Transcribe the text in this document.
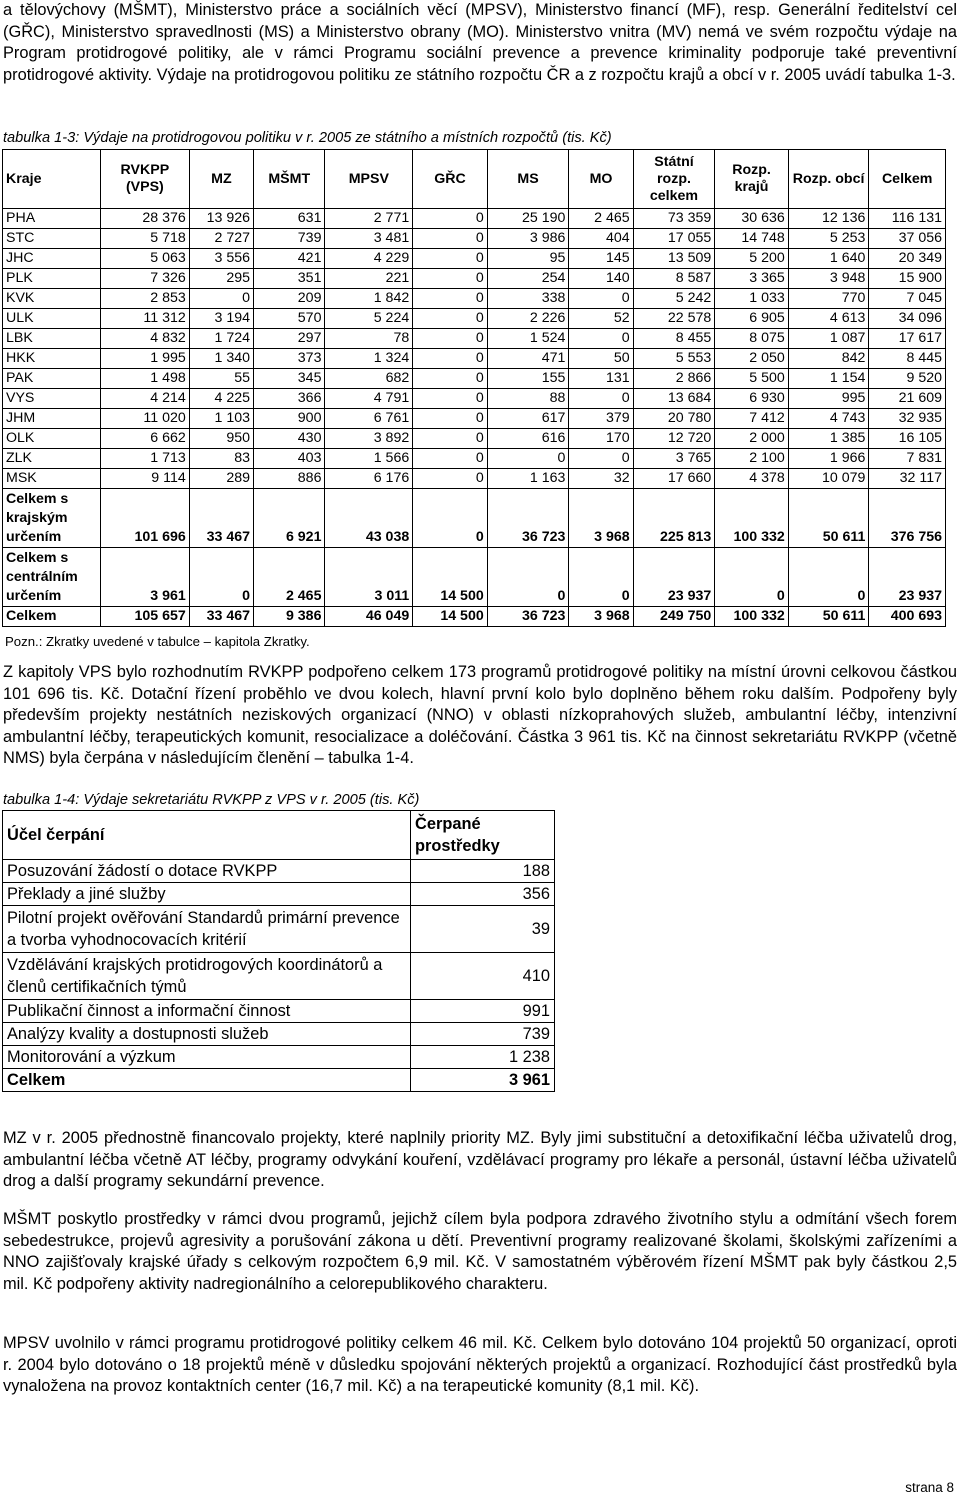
a tělovýchovy (MŠMT), Ministerstvo práce a sociálních věcí (MPSV), Ministerstvo financí (MF), resp. Generální ředitelství cel (GŘC), Ministerstvo spravedlnosti (MS) a Ministerstvo obrany (MO). Ministerstvo vnitra (MV) nemá ve svém rozpočtu výdaje na Program protidrogové politiky, ale v rámci Programu sociální prevence a prevence kriminality podporuje také preventivní protidrogové aktivity. Výdaje na protidrogovou politiku ze státního rozpočtu ČR a z rozpočtu krajů a obcí v r. 2005 uvádí tabulka 1-3.

tabulka 1-3: Výdaje na protidrogovou politiku v r. 2005 ze státního a místních rozpočtů (tis. Kč)

Kraje	RVKPP (VPS)	MZ	MŠMT	MPSV	GŘC	MS	MO	Státní rozp. celkem	Rozp. krajů	Rozp. obcí	Celkem
PHA	28 376	13 926	631	2 771	0	25 190	2 465	73 359	30 636	12 136	116 131
STC	5 718	2 727	739	3 481	0	3 986	404	17 055	14 748	5 253	37 056
JHC	5 063	3 556	421	4 229	0	95	145	13 509	5 200	1 640	20 349
PLK	7 326	295	351	221	0	254	140	8 587	3 365	3 948	15 900
KVK	2 853	0	209	1 842	0	338	0	5 242	1 033	770	7 045
ULK	11 312	3 194	570	5 224	0	2 226	52	22 578	6 905	4 613	34 096
LBK	4 832	1 724	297	78	0	1 524	0	8 455	8 075	1 087	17 617
HKK	1 995	1 340	373	1 324	0	471	50	5 553	2 050	842	8 445
PAK	1 498	55	345	682	0	155	131	2 866	5 500	1 154	9 520
VYS	4 214	4 225	366	4 791	0	88	0	13 684	6 930	995	21 609
JHM	11 020	1 103	900	6 761	0	617	379	20 780	7 412	4 743	32 935
OLK	6 662	950	430	3 892	0	616	170	12 720	2 000	1 385	16 105
ZLK	1 713	83	403	1 566	0	0	0	3 765	2 100	1 966	7 831
MSK	9 114	289	886	6 176	0	1 163	32	17 660	4 378	10 079	32 117
Celkem s krajským určením	101 696	33 467	6 921	43 038	0	36 723	3 968	225 813	100 332	50 611	376 756
Celkem s centrálním určením	3 961	0	2 465	3 011	14 500	0	0	23 937	0	0	23 937
Celkem	105 657	33 467	9 386	46 049	14 500	36 723	3 968	249 750	100 332	50 611	400 693

Pozn.: Zkratky uvedené v tabulce – kapitola Zkratky.

Z kapitoly VPS bylo rozhodnutím RVKPP podpořeno celkem 173 programů protidrogové politiky na místní úrovni celkovou částkou 101 696 tis. Kč. Dotační řízení proběhlo ve dvou kolech, hlavní první kolo bylo doplněno během roku dalším. Podpořeny byly především projekty nestátních neziskových organizací (NNO) v oblasti nízkoprahových služeb, ambulantní léčby, intenzivní ambulantní léčby, terapeutických komunit, resocializace a doléčování. Částka 3 961 tis. Kč na činnost sekretariátu RVKPP (včetně NMS) byla čerpána v následujícím členění – tabulka 1-4.

tabulka 1-4: Výdaje sekretariátu RVKPP z VPS v r. 2005 (tis. Kč)

Účel čerpání	Čerpané prostředky
Posuzování žádostí o dotace RVKPP	188
Překlady a jiné služby	356
Pilotní projekt ověřování Standardů primární prevence a tvorba vyhodnocovacích kritérií	39
Vzdělávání krajských protidrogových koordinátorů a členů certifikačních týmů	410
Publikační činnost a informační činnost	991
Analýzy kvality a dostupnosti služeb	739
Monitorování a výzkum	1 238
Celkem	3 961

MZ v r. 2005 přednostně financovalo projekty, které naplnily priority MZ. Byly jimi substituční a detoxifikační léčba uživatelů drog, ambulantní léčba včetně AT léčby, programy odvykání kouření, vzdělávací programy pro lékaře a personál, ústavní léčba uživatelů drog a další programy sekundární prevence.

MŠMT poskytlo prostředky v rámci dvou programů, jejichž cílem byla podpora zdravého životního stylu a odmítání všech forem sebedestrukce, projevů agresivity a porušování zákona u dětí. Preventivní programy realizované školami, školskými zařízeními a NNO zajišťovaly krajské úřady s celkovým rozpočtem 6,9 mil. Kč. V samostatném výběrovém řízení MŠMT pak byly částkou 2,5 mil. Kč podpořeny aktivity nadregionálního a celorepublikového charakteru.

MPSV uvolnilo v rámci programu protidrogové politiky celkem 46 mil. Kč. Celkem bylo dotováno 104 projektů 50 organizací, oproti r. 2004 bylo dotováno o 18 projektů méně v důsledku spojování některých projektů a organizací. Rozhodující část prostředků byla vynaložena na provoz kontaktních center (16,7 mil. Kč) a na terapeutické komunity (8,1 mil. Kč).

strana 8
